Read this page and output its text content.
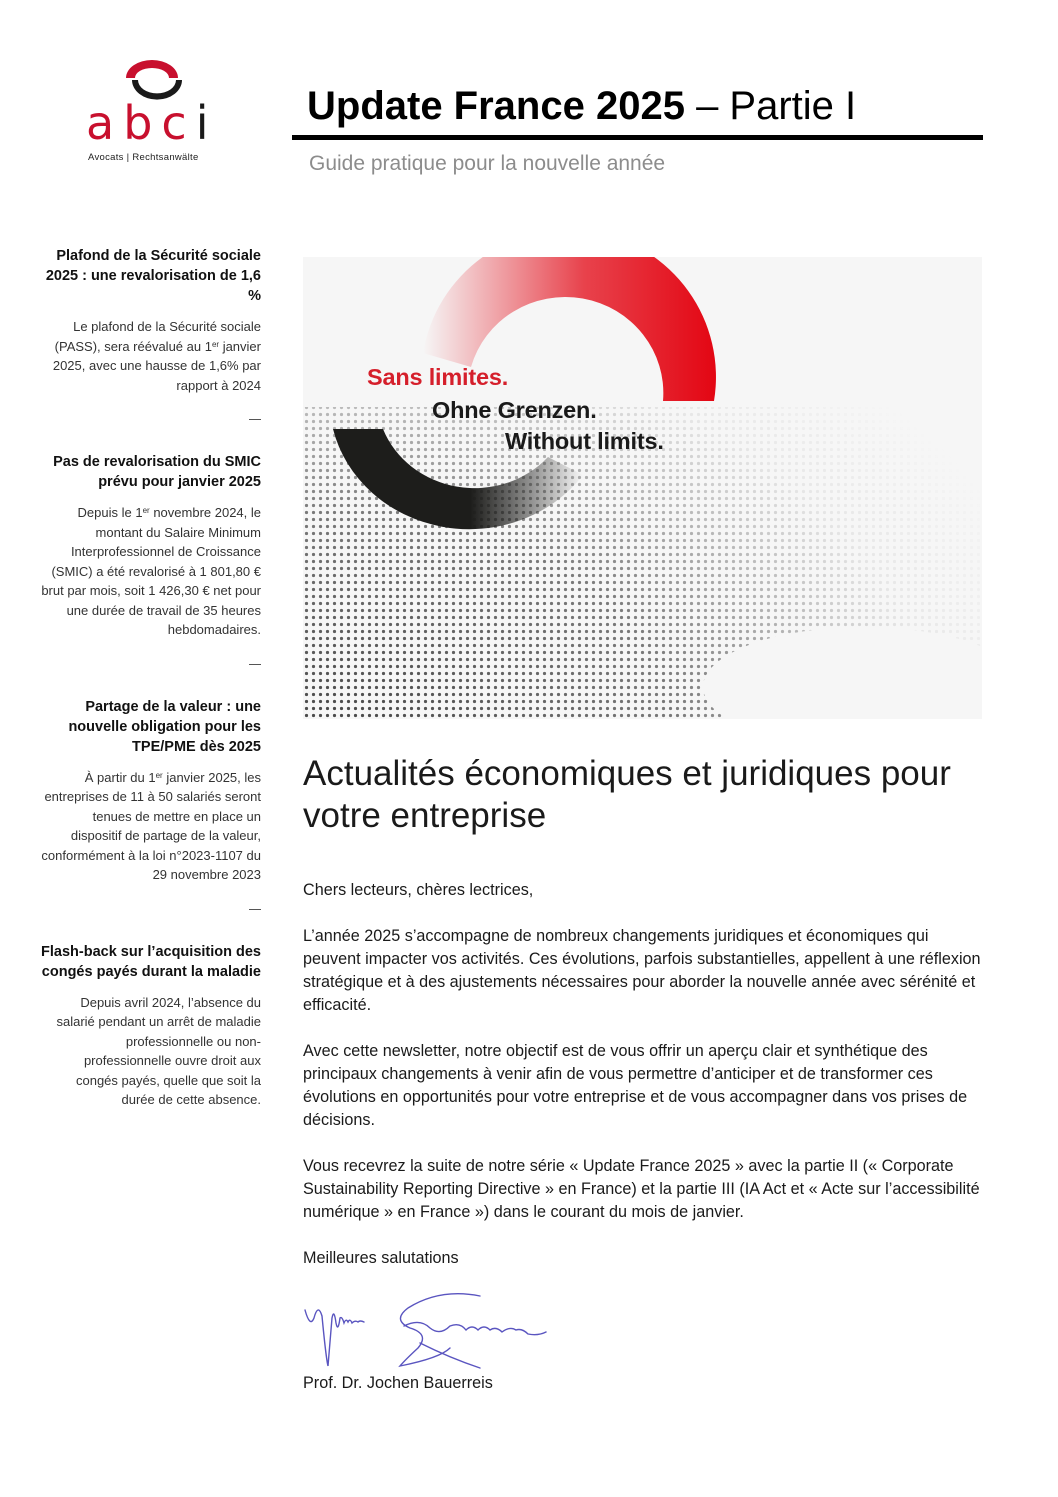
abci
Avocats | Rechtsanwälte
Update France 2025 – Partie I
Guide pratique pour la nouvelle année
Plafond de la Sécurité sociale 2025 : une revalorisation de 1,6 %
Le plafond de la Sécurité sociale (PASS), sera réévalué au 1er janvier 2025, avec une hausse de 1,6% par rapport à 2024
Pas de revalorisation du SMIC prévu pour janvier 2025
Depuis le 1er novembre 2024, le montant du Salaire Minimum Interprofessionnel de Croissance (SMIC) a été revalorisé à 1 801,80 € brut par mois, soit 1 426,30 € net pour une durée de travail de 35 heures hebdomadaires.
Partage de la valeur : une nouvelle obligation pour les TPE/PME dès 2025
À partir du 1er janvier 2025, les entreprises de 11 à 50 salariés seront tenues de mettre en place un dispositif de partage de la valeur, conformément à la loi n°2023-1107 du 29 novembre 2023
Flash-back sur l’acquisition des congés payés durant la maladie
Depuis avril 2024, l’absence du salarié pendant un arrêt de maladie professionnelle ou non-professionnelle ouvre droit aux congés payés, quelle que soit la durée de cette absence.
Sans limites.
Ohne Grenzen.
Without limits.
Actualités économiques et juridiques pour votre entreprise

Chers lecteurs, chères lectrices,

L’année 2025 s’accompagne de nombreux changements juridiques et économiques qui peuvent impacter vos activités. Ces évolutions, parfois substantielles, appellent à une réflexion stratégique et à des ajustements nécessaires pour aborder la nouvelle année avec sérénité et efficacité.

Avec cette newsletter, notre objectif est de vous offrir un aperçu clair et synthétique des principaux changements à venir afin de vous permettre d’anticiper et de transformer ces évolutions en opportunités pour votre entreprise et de vous accompagner dans vos prises de décisions.

Vous recevrez la suite de notre série « Update France 2025 » avec la partie II (« Corporate Sustainability Reporting Directive » en France) et la partie III (IA Act et « Acte sur l’accessibilité numérique » en France ») dans le courant du mois de janvier.

Meilleures salutations

Prof. Dr. Jochen Bauerreis
